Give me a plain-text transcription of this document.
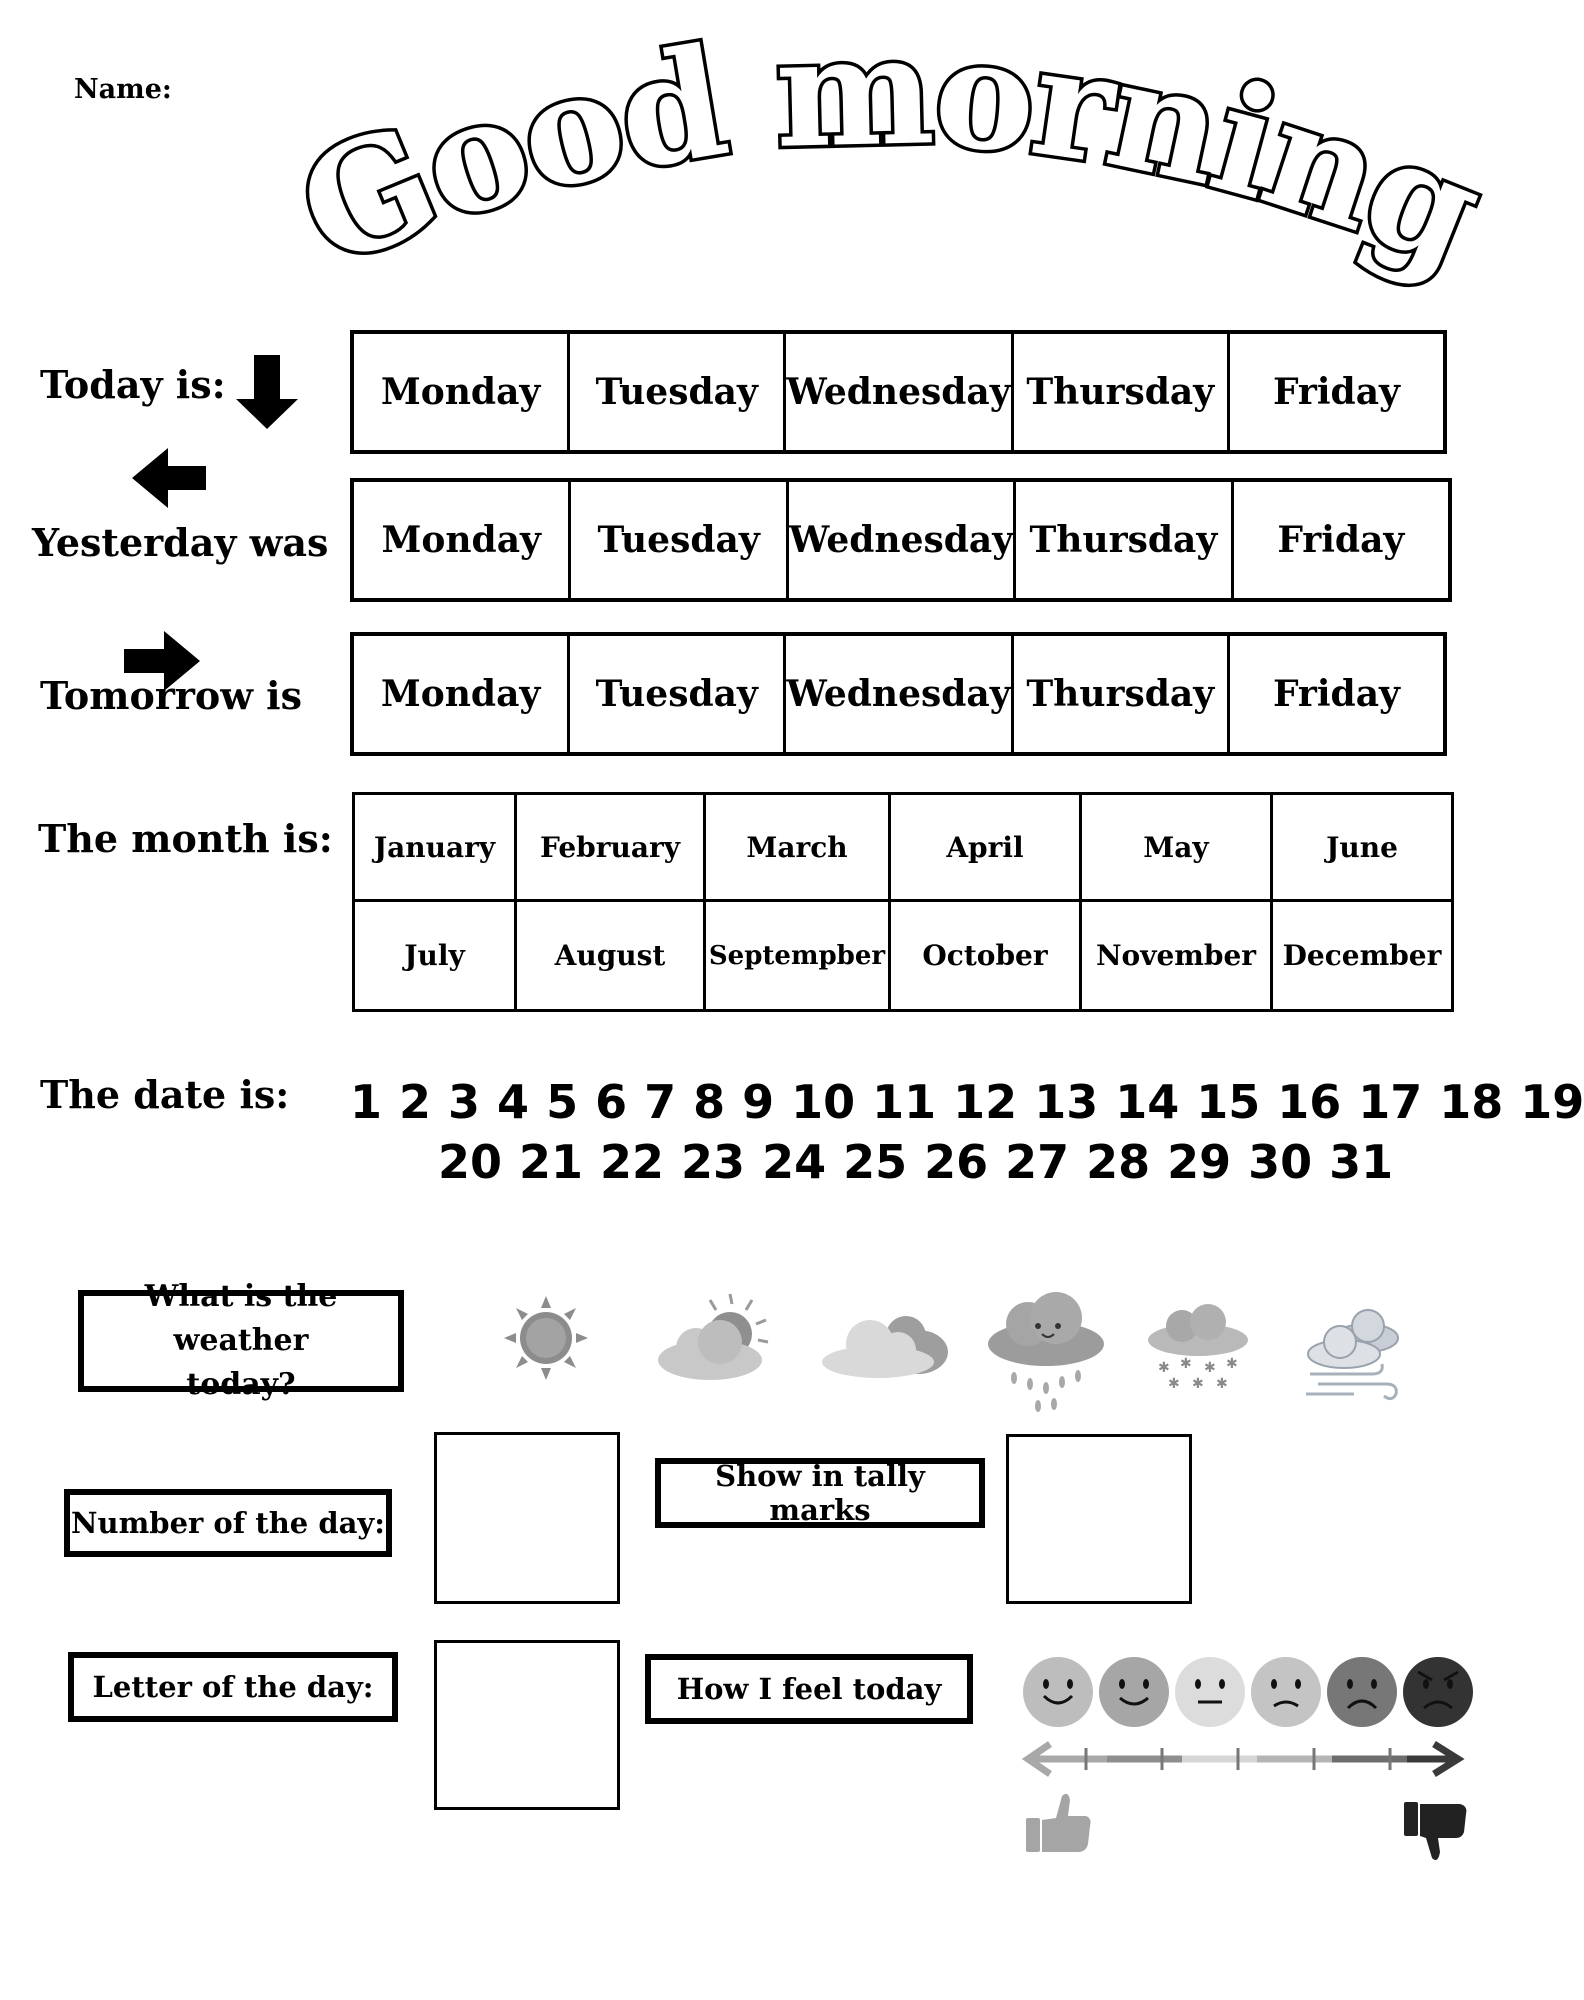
Name:
Good morning
Today is:	Monday	Tuesday Wednesday Thursday	Friday
Yesterday was	Monday	Tuesday Wednesday Thursday	Friday
Tomorrow is	Monday	Tuesday Wednesday Thursday	Friday
The month is:	January	February	March	April	May	June
July	August	Septempber	October	November December
The date is: 1 2 3 4 5 6 7 8 9 10 11 12 13 14 15 16 17 18 19
20 21 22 23 24 25 26 27 28 29 30 31
What is the weather
today?	✱ ✱ ✱ ✱
✱ ✱ ✱
Number of the day:
Show in tally marks
Letter of the day:	How I feel today
